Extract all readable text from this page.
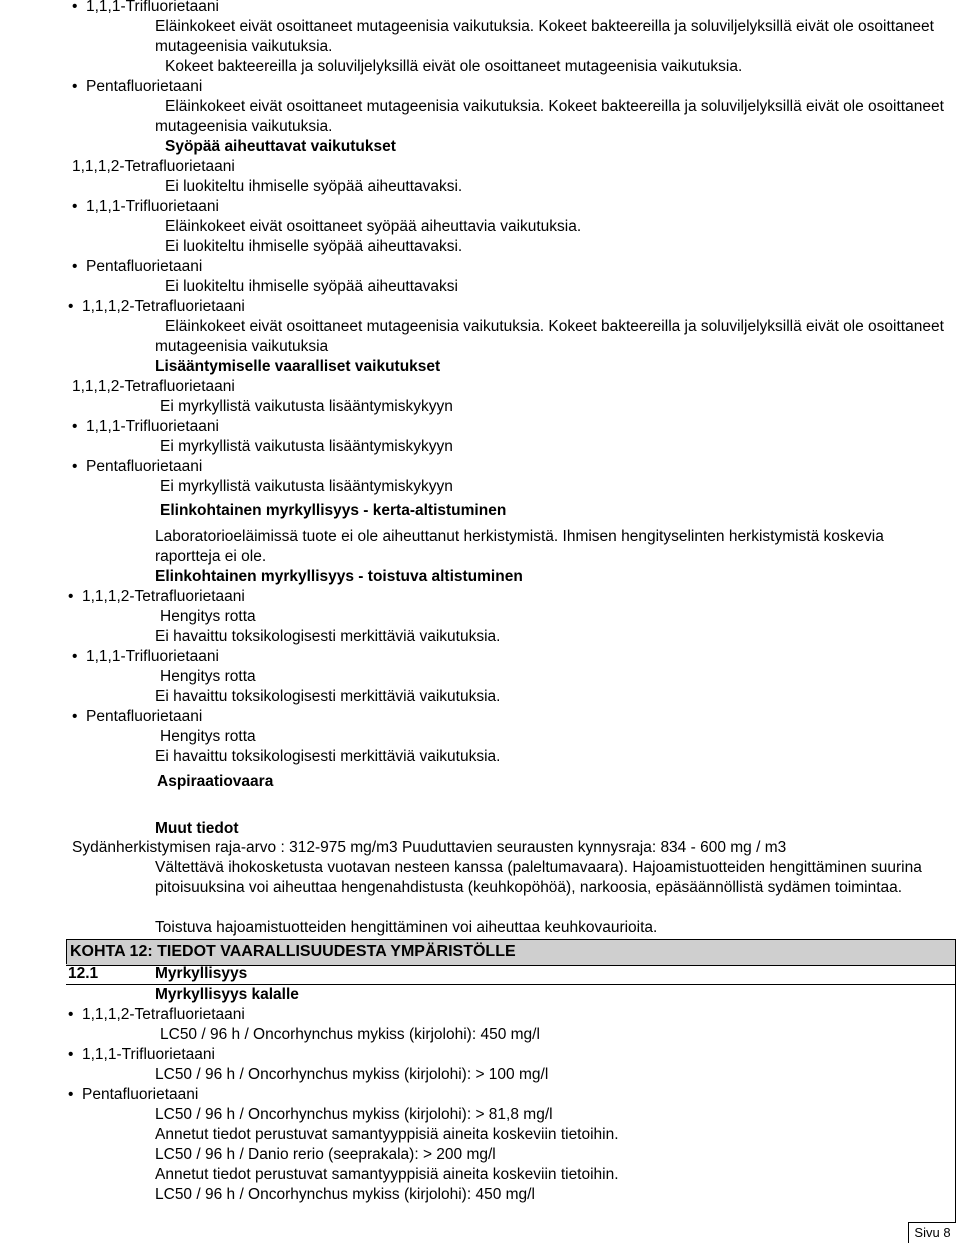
• 1,1,1-Trifluorietaani
Eläinkokeet eivät osoittaneet mutageenisia vaikutuksia. Kokeet bakteereilla ja soluviljelyksillä eivät ole osoittaneet mutageenisia vaikutuksia.
Kokeet bakteereilla ja soluviljelyksillä eivät ole osoittaneet mutageenisia vaikutuksia.
• Pentafluorietaani
Eläinkokeet eivät osoittaneet mutageenisia vaikutuksia. Kokeet bakteereilla ja soluviljelyksillä eivät ole osoittaneet mutageenisia vaikutuksia.
Syöpää aiheuttavat vaikutukset
1,1,1,2-Tetrafluorietaani
Ei luokiteltu ihmiselle syöpää aiheuttavaksi.
• 1,1,1-Trifluorietaani
Eläinkokeet eivät osoittaneet syöpää aiheuttavia vaikutuksia.
Ei luokiteltu ihmiselle syöpää aiheuttavaksi.
• Pentafluorietaani
Ei luokiteltu ihmiselle syöpää aiheuttavaksi
• 1,1,1,2-Tetrafluorietaani
Eläinkokeet eivät osoittaneet mutageenisia vaikutuksia. Kokeet bakteereilla ja soluviljelyksillä eivät ole osoittaneet mutageenisia vaikutuksia
Lisääntymiselle vaaralliset vaikutukset
1,1,1,2-Tetrafluorietaani
Ei myrkyllistä vaikutusta lisääntymiskykyyn
• 1,1,1-Trifluorietaani
Ei myrkyllistä vaikutusta lisääntymiskykyyn
• Pentafluorietaani
Ei myrkyllistä vaikutusta lisääntymiskykyyn
Elinkohtainen myrkyllisyys - kerta-altistuminen
Laboratorioeläimissä tuote ei ole aiheuttanut herkistymistä. Ihmisen hengityselinten herkistymistä koskevia raportteja ei ole.
Elinkohtainen myrkyllisyys - toistuva altistuminen
• 1,1,1,2-Tetrafluorietaani
Hengitys rotta
Ei havaittu toksikologisesti merkittäviä vaikutuksia.
• 1,1,1-Trifluorietaani
Hengitys rotta
Ei havaittu toksikologisesti merkittäviä vaikutuksia.
• Pentafluorietaani
Hengitys rotta
Ei havaittu toksikologisesti merkittäviä vaikutuksia.
Aspiraatiovaara
Muut tiedot
Sydänherkistymisen raja-arvo : 312-975 mg/m3 Puuduttavien seurausten kynnysraja: 834 - 600 mg / m3
Vältettävä ihokosketusta vuotavan nesteen kanssa (paleltumavaara). Hajoamistuotteiden hengittäminen suurina pitoisuuksina voi aiheuttaa hengenahdistusta (keuhkopöhöä), narkoosia, epäsäännöllistä sydämen toimintaa.
Toistuva hajoamistuotteiden hengittäminen voi aiheuttaa keuhkovaurioita.
KOHTA 12: TIEDOT VAARALLISUUDESTA YMPÄRISTÖLLE
12.1	Myrkyllisyys
Myrkyllisyys kalalle
• 1,1,1,2-Tetrafluorietaani
LC50 / 96 h / Oncorhynchus mykiss (kirjolohi): 450 mg/l
• 1,1,1-Trifluorietaani
LC50 / 96 h / Oncorhynchus mykiss (kirjolohi): > 100 mg/l
• Pentafluorietaani
LC50 / 96 h / Oncorhynchus mykiss (kirjolohi): > 81,8 mg/l
Annetut tiedot perustuvat samantyyppisiä aineita koskeviin tietoihin.
LC50 / 96 h / Danio rerio (seeprakala): > 200 mg/l
Annetut tiedot perustuvat samantyyppisiä aineita koskeviin tietoihin.
LC50 / 96 h / Oncorhynchus mykiss (kirjolohi): 450 mg/l
Sivu 8
